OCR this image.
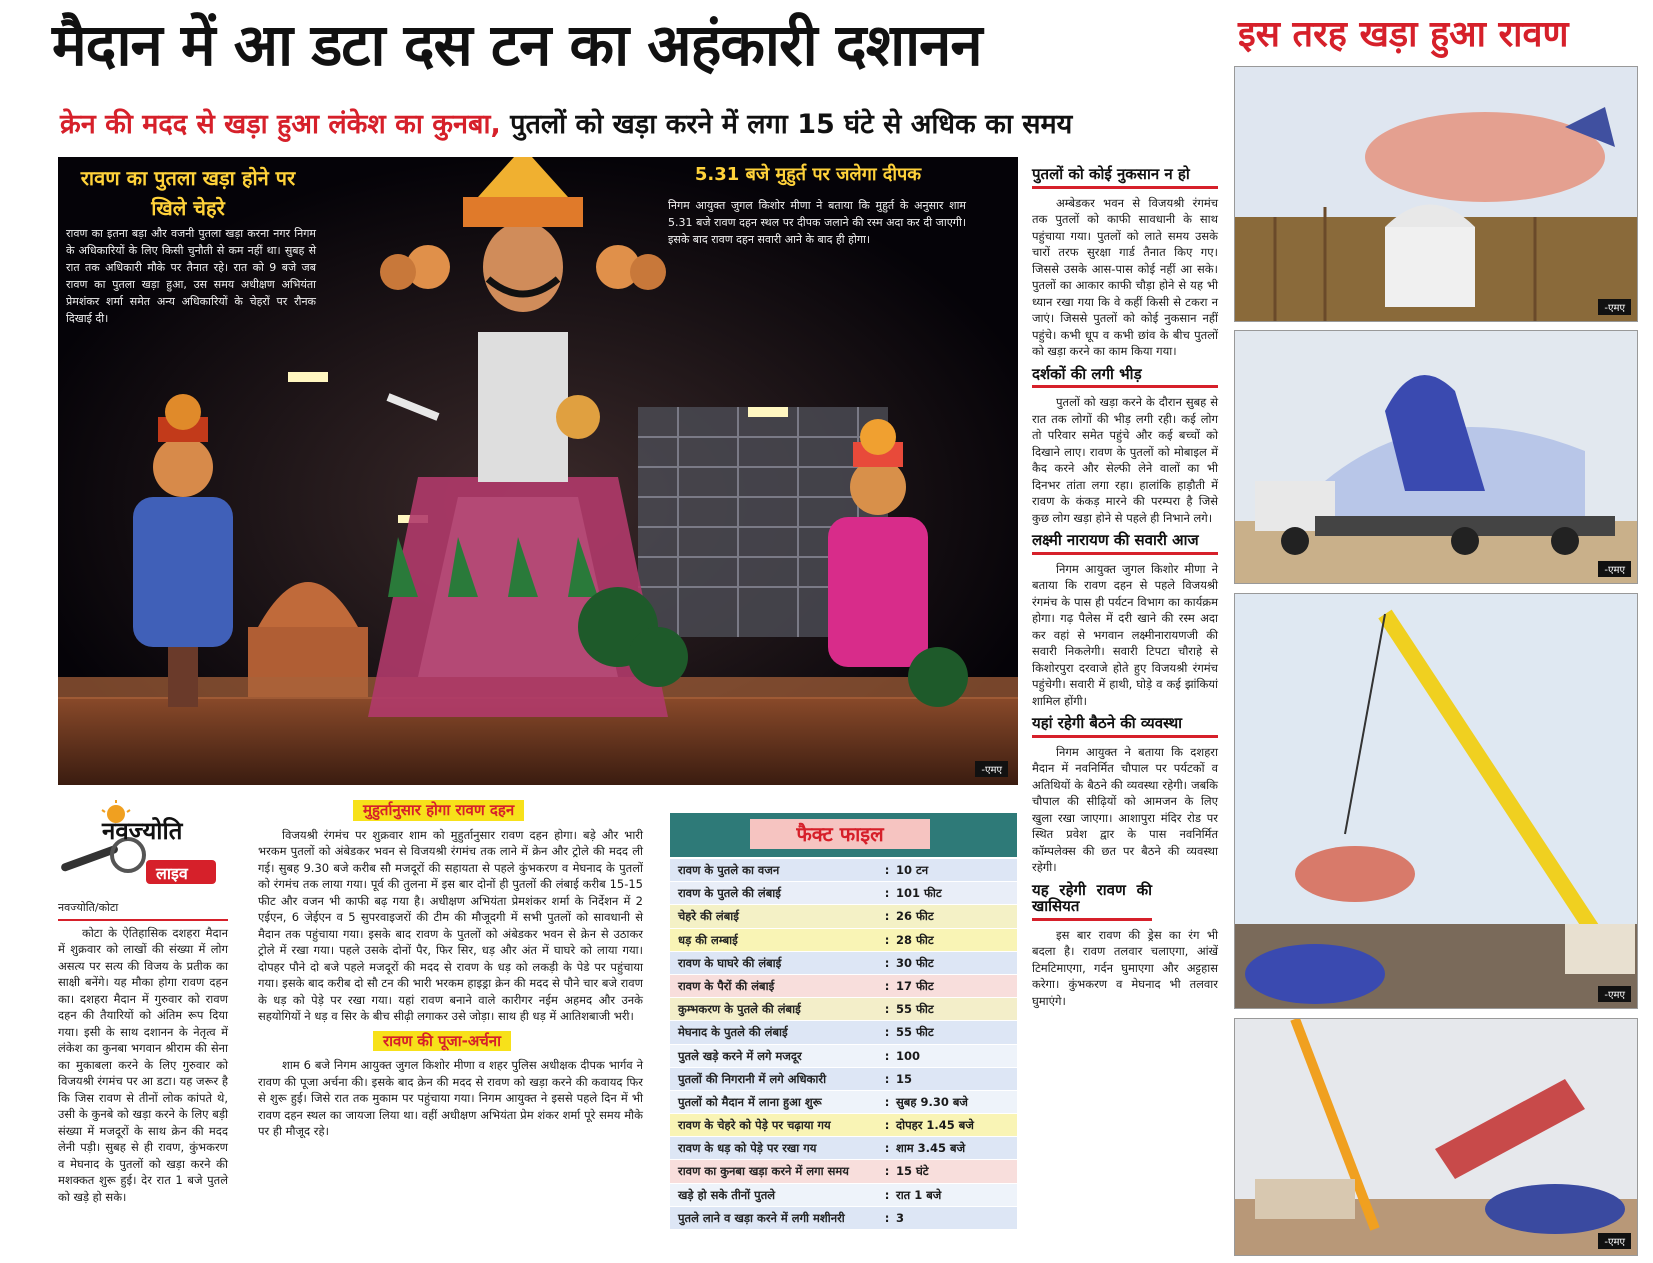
मैदान में आ डटा दस टन का अहंकारी दशानन
क्रेन की मदद से खड़ा हुआ लंकेश का कुनबा, पुतलों को खड़ा करने में लगा 15 घंटे से अधिक का समय
इस तरह खड़ा हुआ रावण
रावण का पुतला खड़ा होने पर खिले चेहरे
रावण का इतना बड़ा और वजनी पुतला खड़ा करना नगर निगम के अधिकारियों के लिए किसी चुनौती से कम नहीं था। सुबह से रात तक अधिकारी मौके पर तैनात रहे। रात को 9 बजे जब रावण का पुतला खड़ा हुआ, उस समय अधीक्षण अभियंता प्रेमशंकर शर्मा समेत अन्य अधिकारियों के चेहरों पर रौनक दिखाई दी।
5.31 बजे मुहुर्त पर जलेगा दीपक
निगम आयुक्त जुगल किशोर मीणा ने बताया कि मुहुर्त के अनुसार शाम 5.31 बजे रावण दहन स्थल पर दीपक जलाने की रस्म अदा कर दी जाएगी। इसके बाद रावण दहन सवारी आने के बाद ही होगा।
-एमए
पुतलों को कोई नुकसान न हो

अम्बेडकर भवन से विजयश्री रंगमंच तक पुतलों को काफी सावधानी के साथ पहुंचाया गया। पुतलों को लाते समय उसके चारों तरफ सुरक्षा गार्ड तैनात किए गए। जिससे उसके आस-पास कोई नहीं आ सके। पुतलों का आकार काफी चौड़ा होने से यह भी ध्यान रखा गया कि वे कहीं किसी से टकरा न जाएं। जिससे पुतलों को कोई नुकसान नहीं पहुंचे। कभी धूप व कभी छांव के बीच पुतलों को खड़ा करने का काम किया गया।

दर्शकों की लगी भीड़

पुतलों को खड़ा करने के दौरान सुबह से रात तक लोगों की भीड़ लगी रही। कई लोग तो परिवार समेत पहुंचे और कई बच्चों को दिखाने लाए। रावण के पुतलों को मोबाइल में कैद करने और सेल्फी लेने वालों का भी दिनभर तांता लगा रहा। हालांकि हाड़ौती में रावण के कंकड़ मारने की परम्परा है जिसे कुछ लोग खड़ा होने से पहले ही निभाने लगे।

लक्ष्मी नारायण की सवारी आज

निगम आयुक्त जुगल किशोर मीणा ने बताया कि रावण दहन से पहले विजयश्री रंगमंच के पास ही पर्यटन विभाग का कार्यक्रम होगा। गढ़ पैलेस में दरी खाने की रस्म अदा कर वहां से भगवान लक्ष्मीनारायणजी की सवारी निकलेगी। सवारी टिपटा चौराहे से किशोरपुरा दरवाजे होते हुए विजयश्री रंगमंच पहुंचेगी। सवारी में हाथी, घोड़े व कई झांकियां शामिल होंगी।

यहां रहेगी बैठने की व्यवस्था

निगम आयुक्त ने बताया कि दशहरा मैदान में नवनिर्मित चौपाल पर पर्यटकों व अतिथियों के बैठने की व्यवस्था रहेगी। जबकि चौपाल की सीढ़ियों को आमजन के लिए खुला रखा जाएगा। आशापुरा मंदिर रोड पर स्थित प्रवेश द्वार के पास नवनिर्मित कॉम्पलेक्स की छत पर बैठने की व्यवस्था रहेगी।

यह रहेगी रावण की खासियत

इस बार रावण की ड्रेस का रंग भी बदला है। रावण तलवार चलाएगा, आंखें टिमटिमाएगा, गर्दन घुमाएगा और अट्टहास करेगा। कुंभकरण व मेघनाद भी तलवार घुमाएंगे।

-एमए
-एमए
-एमए
-एमए
नवज्योति
लाइव
नवज्योति/कोटा

कोटा के ऐतिहासिक दशहरा मैदान में शुक्रवार को लाखों की संख्या में लोग असत्य पर सत्य की विजय के प्रतीक का साक्षी बनेंगे। यह मौका होगा रावण दहन का। दशहरा मैदान में गुरुवार को रावण दहन की तैयारियों को अंतिम रूप दिया गया। इसी के साथ दशानन के नेतृत्व में लंकेश का कुनबा भगवान श्रीराम की सेना का मुकाबला करने के लिए गुरुवार को विजयश्री रंगमंच पर आ डटा। यह जरूर है कि जिस रावण से तीनों लोक कांपते थे, उसी के कुनबे को खड़ा करने के लिए बड़ी संख्या में मजदूरों के साथ क्रेन की मदद लेनी पड़ी। सुबह से ही रावण, कुंभकरण व मेघनाद के पुतलों को खड़ा करने की मशक्कत शुरू हुई। देर रात 1 बजे पुतले को खड़े हो सके।

मुहुर्तानुसार होगा रावण दहन

विजयश्री रंगमंच पर शुक्रवार शाम को मुहुर्तानुसार रावण दहन होगा। बड़े और भारी भरकम पुतलों को अंबेडकर भवन से विजयश्री रंगमंच तक लाने में क्रेन और ट्रोले की मदद ली गई। सुबह 9.30 बजे करीब सौ मजदूरों की सहायता से पहले कुंभकरण व मेघनाद के पुतलों को रंगमंच तक लाया गया। पूर्व की तुलना में इस बार दोनों ही पुतलों की लंबाई करीब 15-15 फीट और वजन भी काफी बढ़ गया है। अधीक्षण अभियंता प्रेमशंकर शर्मा के निर्देशन में 2 एईएन, 6 जेईएन व 5 सुपरवाइजरों की टीम की मौजूदगी में सभी पुतलों को सावधानी से मैदान तक पहुंचाया गया। इसके बाद रावण के पुतलों को अंबेडकर भवन से क्रेन से उठाकर ट्रोले में रखा गया। पहले उसके दोनों पैर, फिर सिर, धड़ और अंत में घाघरे को लाया गया। दोपहर पौने दो बजे पहले मजदूरों की मदद से रावण के धड़ को लकड़ी के पेडे पर पहुंचाया गया। इसके बाद करीब दो सौ टन की भारी भरकम हाइड्रा क्रेन की मदद से पौने चार बजे रावण के धड़ को पेड़े पर रखा गया। यहां रावण बनाने वाले कारीगर नईम अहमद और उनके सहयोगियों ने धड़ व सिर के बीच सीढ़ी लगाकर उसे जोड़ा। साथ ही धड़ में आतिशबाजी भरी।

रावण की पूजा-अर्चना

शाम 6 बजे निगम आयुक्त जुगल किशोर मीणा व शहर पुलिस अधीक्षक दीपक भार्गव ने रावण की पूजा अर्चना की। इसके बाद क्रेन की मदद से रावण को खड़ा करने की कवायद फिर से शुरू हुई। जिसे रात तक मुकाम पर पहुंचाया गया। निगम आयुक्त ने इससे पहले दिन में भी रावण दहन स्थल का जायजा लिया था। वहीं अधीक्षण अभियंता प्रेम शंकर शर्मा पूरे समय मौके पर ही मौजूद रहे।

फैक्ट फाइल
रावण के पुतले का वजन	: 10 टन
रावण के पुतले की लंबाई	: 101 फीट
चेहरे की लंबाई	: 26 फीट
धड़ की लम्बाई	: 28 फीट
रावण के घाघरे की लंबाई	: 30 फीट
रावण के पैरों की लंबाई	: 17 फीट
कुम्भकरण के पुतले की लंबाई	: 55 फीट
मेघनाद के पुतले की लंबाई	: 55 फीट
पुतले खड़े करने में लगे मजदूर	: 100
पुतलों की निगरानी में लगे अधिकारी	: 15
पुतलों को मैदान में लाना हुआ शुरू	: सुबह 9.30 बजे
रावण के चेहरे को पेड़े पर चढ़ाया गय	: दोपहर 1.45 बजे
रावण के धड़ को पेड़े पर रखा गय	: शाम 3.45 बजे
रावण का कुनबा खड़ा करने में लगा समय	: 15 घंटे
खड़े हो सके तीनों पुतले	: रात 1 बजे
पुतले लाने व खड़ा करने में लगी मशीनरी	: 3
